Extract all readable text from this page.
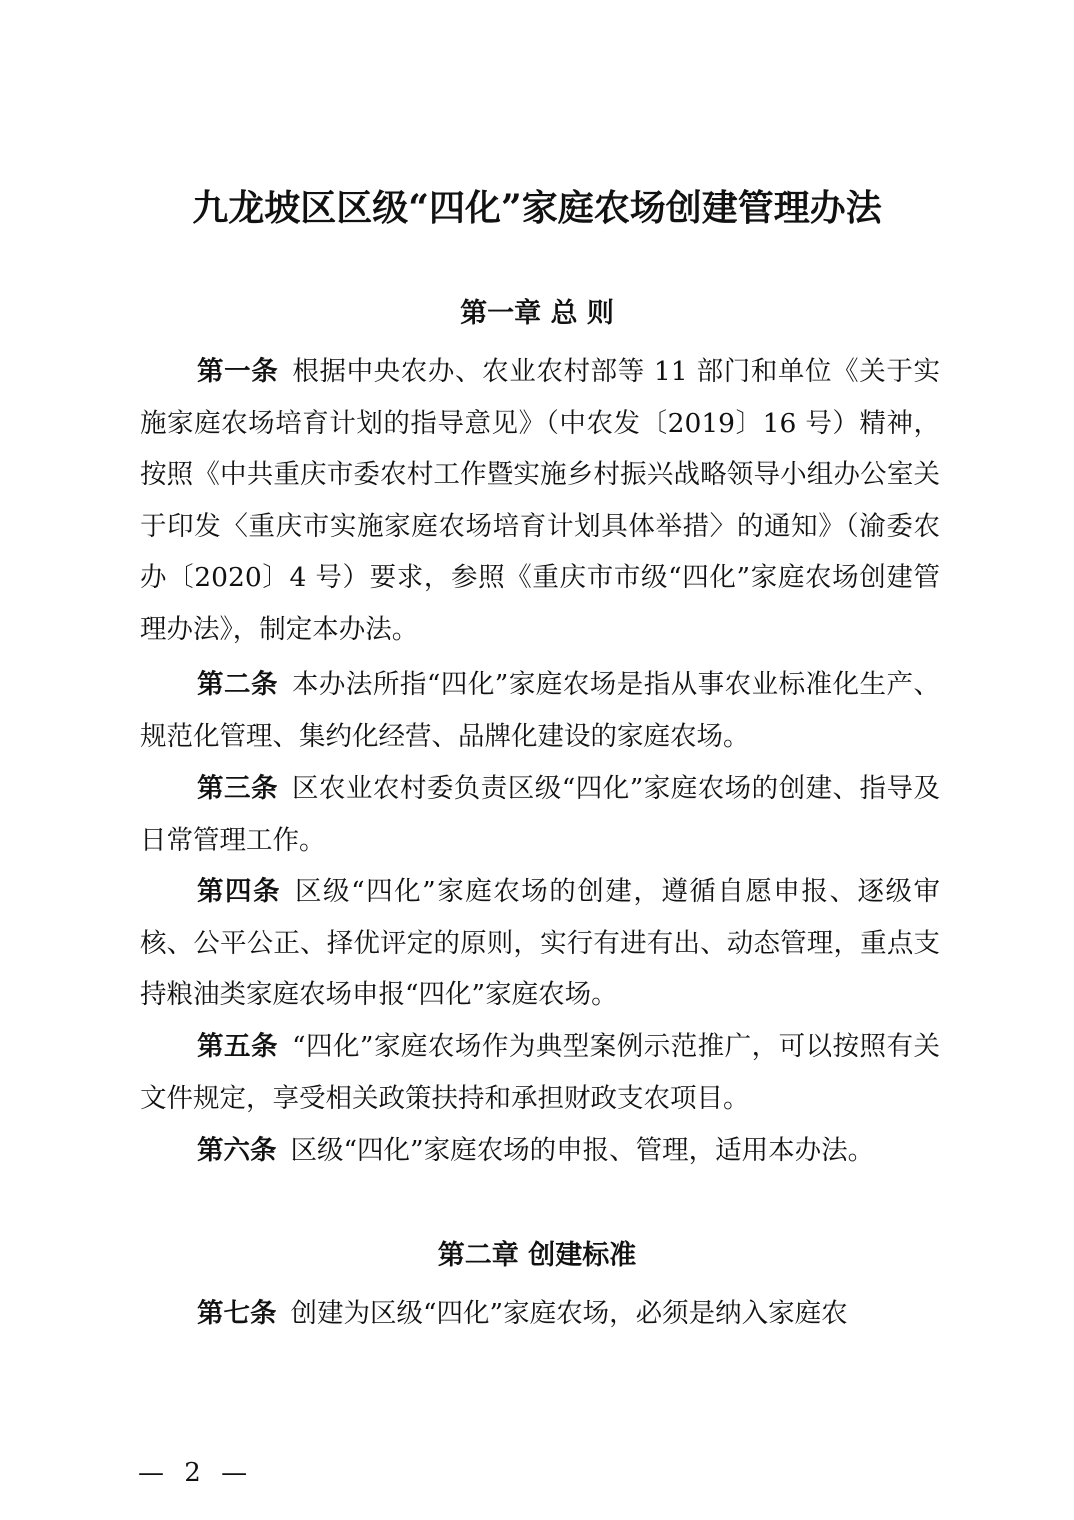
九龙坡区区级“四化”家庭农场创建管理办法
第一章 总 则

第一条 根据中央农办、农业农村部等 11 部门和单位《关于实施家庭农场培育计划的指导意见》（中农发〔2019〕16 号）精神，按照《中共重庆市委农村工作暨实施乡村振兴战略领导小组办公室关于印发〈重庆市实施家庭农场培育计划具体举措〉的通知》（渝委农办〔2020〕4 号）要求，参照《重庆市市级“四化”家庭农场创建管理办法》，制定本办法。

第二条 本办法所指“四化”家庭农场是指从事农业标准化生产、规范化管理、集约化经营、品牌化建设的家庭农场。

第三条 区农业农村委负责区级“四化”家庭农场的创建、指导及日常管理工作。

第四条 区级“四化”家庭农场的创建，遵循自愿申报、逐级审核、公平公正、择优评定的原则，实行有进有出、动态管理，重点支持粮油类家庭农场申报“四化”家庭农场。

第五条 “四化”家庭农场作为典型案例示范推广，可以按照有关文件规定，享受相关政策扶持和承担财政支农项目。

第六条 区级“四化”家庭农场的申报、管理，适用本办法。

第二章 创建标准

第七条 创建为区级“四化”家庭农场，必须是纳入家庭农

— 2 —
